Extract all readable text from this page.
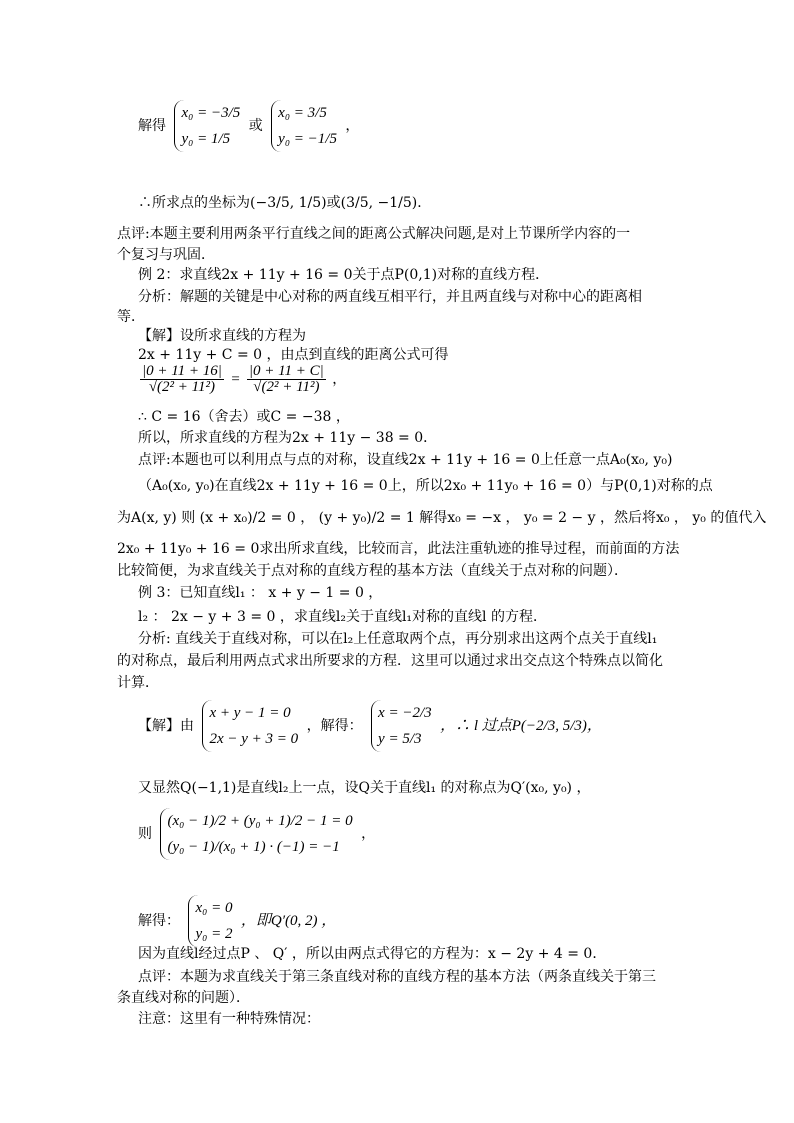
解得
x₀ = −3/5
y₀ = 1/5
或
x₀ = 3/5
y₀ = −1/5
，
∴所求点的坐标为(−3/5, 1/5)或(3/5, −1/5)．
点评:本题主要利用两条平行直线之间的距离公式解决问题,是对上节课所学内容的一
个复习与巩固．
例 2：求直线2x + 11y + 16 = 0关于点P(0,1)对称的直线方程．
分析：解题的关键是中心对称的两直线互相平行，并且两直线与对称中心的距离相
等．
【解】设所求直线的方程为
2x + 11y + C = 0 ，由点到直线的距离公式可得
$\frac{|0 + 11 + 16|}{\text{√(2² + 11²)}} = \frac{|0 + 11 + C|}{\text{√(2² + 11²)}}$ ，
∴ C = 16（舍去）或C = −38 ，
所以，所求直线的方程为2x + 11y − 38 = 0．
点评:本题也可以利用点与点的对称，设直线2x + 11y + 16 = 0上任意一点A₀(x₀, y₀)
（A₀(x₀, y₀)在直线2x + 11y + 16 = 0上，所以2x₀ + 11y₀ + 16 = 0）与P(0,1)对称的点
为A(x, y) 则 (x + x₀)/2 = 0 ， (y + y₀)/2 = 1 解得x₀ = −x ， y₀ = 2 − y ，然后将x₀ ， y₀ 的值代入
2x₀ + 11y₀ + 16 = 0求出所求直线，比较而言，此法注重轨迹的推导过程，而前面的方法
比较简便，为求直线关于点对称的直线方程的基本方法（直线关于点对称的问题）．
例 3：已知直线l₁ ： x + y − 1 = 0 ，
l₂ ： 2x − y + 3 = 0 ，求直线l₂关于直线l₁对称的直线l 的方程．
分析: 直线关于直线对称，可以在l₂上任意取两个点，再分别求出这两个点关于直线l₁
的对称点，最后利用两点式求出所要求的方程．这里可以通过求出交点这个特殊点以简化
计算．
【解】由
x + y − 1 = 0
2x − y + 3 = 0
，解得：
x = −2/3
y = 5/3
，∴ l 过点P(−2/3, 5/3)，
又显然Q(−1,1)是直线l₂上一点，设Q关于直线l₁ 的对称点为Q′(x₀, y₀) ，
则
(x₀ − 1)/2 + (y₀ + 1)/2 − 1 = 0
(y₀ − 1)/(x₀ + 1) · (−1) = −1
，
解得：
x₀ = 0
y₀ = 2
，即Q′(0, 2) ，
因为直线l经过点P 、 Q′ ，所以由两点式得它的方程为：x − 2y + 4 = 0．
点评：本题为求直线关于第三条直线对称的直线方程的基本方法（两条直线关于第三
条直线对称的问题）．
注意：这里有一种特殊情况：
